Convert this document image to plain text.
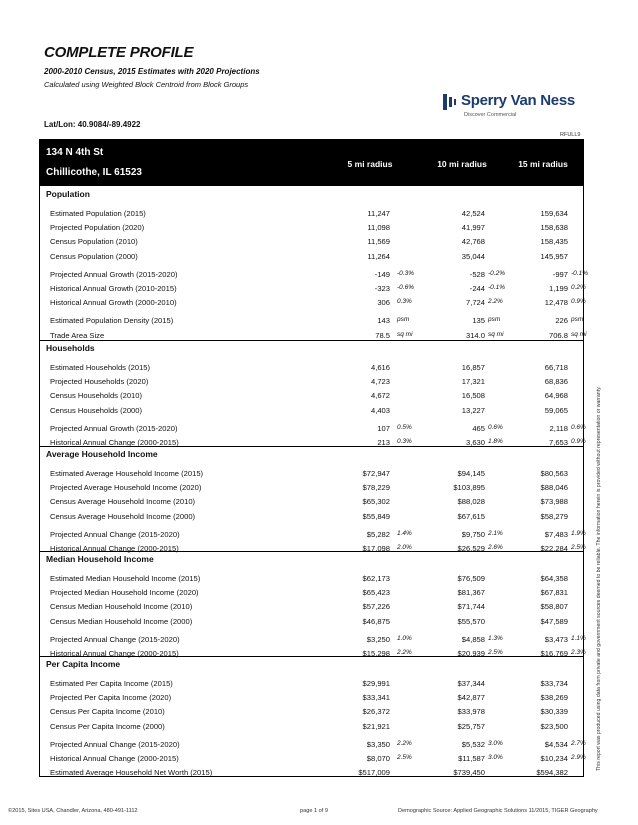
COMPLETE PROFILE
2000-2010 Census, 2015 Estimates with 2020 Projections
Calculated using Weighted Block Centroid from Block Groups
Sperry Van Ness
Discover Commercial
Lat/Lon: 40.9084/-89.4922
RFULL9
134 N 4th St
Chillicothe, IL 61523
5 mi radius	10 mi radius	15 mi radius
Population
Estimated Population (2015)	11,247	42,524	159,634
Projected Population (2020)	11,098	41,997	158,638
Census Population (2010)	11,569	42,768	158,435
Census Population (2000)	11,264	35,044	145,957
Projected Annual Growth (2015-2020)	-149	-528	-997
-0.3%	-0.2%	-0.1%
Historical Annual Growth (2010-2015)	-323	-244	1,199
-0.6%	-0.1%	0.2%
Historical Annual Growth (2000-2010)	306	7,724	12,478
0.3%	2.2%	0.9%
Estimated Population Density (2015)	143	135	226
psm	psm	psm
Trade Area Size	78.5	314.0	706.8
sq mi	sq mi	sq mi
Households
Estimated Households (2015)	4,616	16,857	66,718
Projected Households (2020)	4,723	17,321	68,836
Census Households (2010)	4,672	16,508	64,968
Census Households (2000)	4,403	13,227	59,065
Projected Annual Growth (2015-2020)	107	465	2,118
0.5%	0.6%	0.6%
Historical Annual Change (2000-2015)	213	3,630	7,653
0.3%	1.8%	0.9%
Average Household Income
Estimated Average Household Income (2015)	$72,947	$94,145	$80,563
Projected Average Household Income (2020)	$78,229	$103,895	$88,046
Census Average Household Income (2010)	$65,302	$88,028	$73,988
Census Average Household Income (2000)	$55,849	$67,615	$58,279
Projected Annual Change (2015-2020)	$5,282	$9,750	$7,483
1.4%	2.1%	1.9%
Historical Annual Change (2000-2015)	$17,098	$26,529	$22,284
2.0%	2.6%	2.5%
Median Household Income
Estimated Median Household Income (2015)	$62,173	$76,509	$64,358
Projected Median Household Income (2020)	$65,423	$81,367	$67,831
Census Median Household Income (2010)	$57,226	$71,744	$58,807
Census Median Household Income (2000)	$46,875	$55,570	$47,589
Projected Annual Change (2015-2020)	$3,250	$4,858	$3,473
1.0%	1.3%	1.1%
Historical Annual Change (2000-2015)	$15,298	$20,939	$16,769
2.2%	2.5%	2.3%
Per Capita Income
Estimated Per Capita Income (2015)	$29,991	$37,344	$33,734
Projected Per Capita Income (2020)	$33,341	$42,877	$38,269
Census Per Capita Income (2010)	$26,372	$33,978	$30,339
Census Per Capita Income (2000)	$21,921	$25,757	$23,500
Projected Annual Change (2015-2020)	$3,350	$5,532	$4,534
2.2%	3.0%	2.7%
Historical Annual Change (2000-2015)	$8,070	$11,587	$10,234
2.5%	3.0%	2.9%
Estimated Average Household Net Worth (2015)	$517,009	$739,450	$594,382
This report was produced using data from private and government sources deemed to be reliable. The information herein is provided without representation or warranty.
©2015, Sites USA, Chandler, Arizona, 480-491-1112	page 1 of 9	Demographic Source: Applied Geographic Solutions 11/2015, TIGER Geography
